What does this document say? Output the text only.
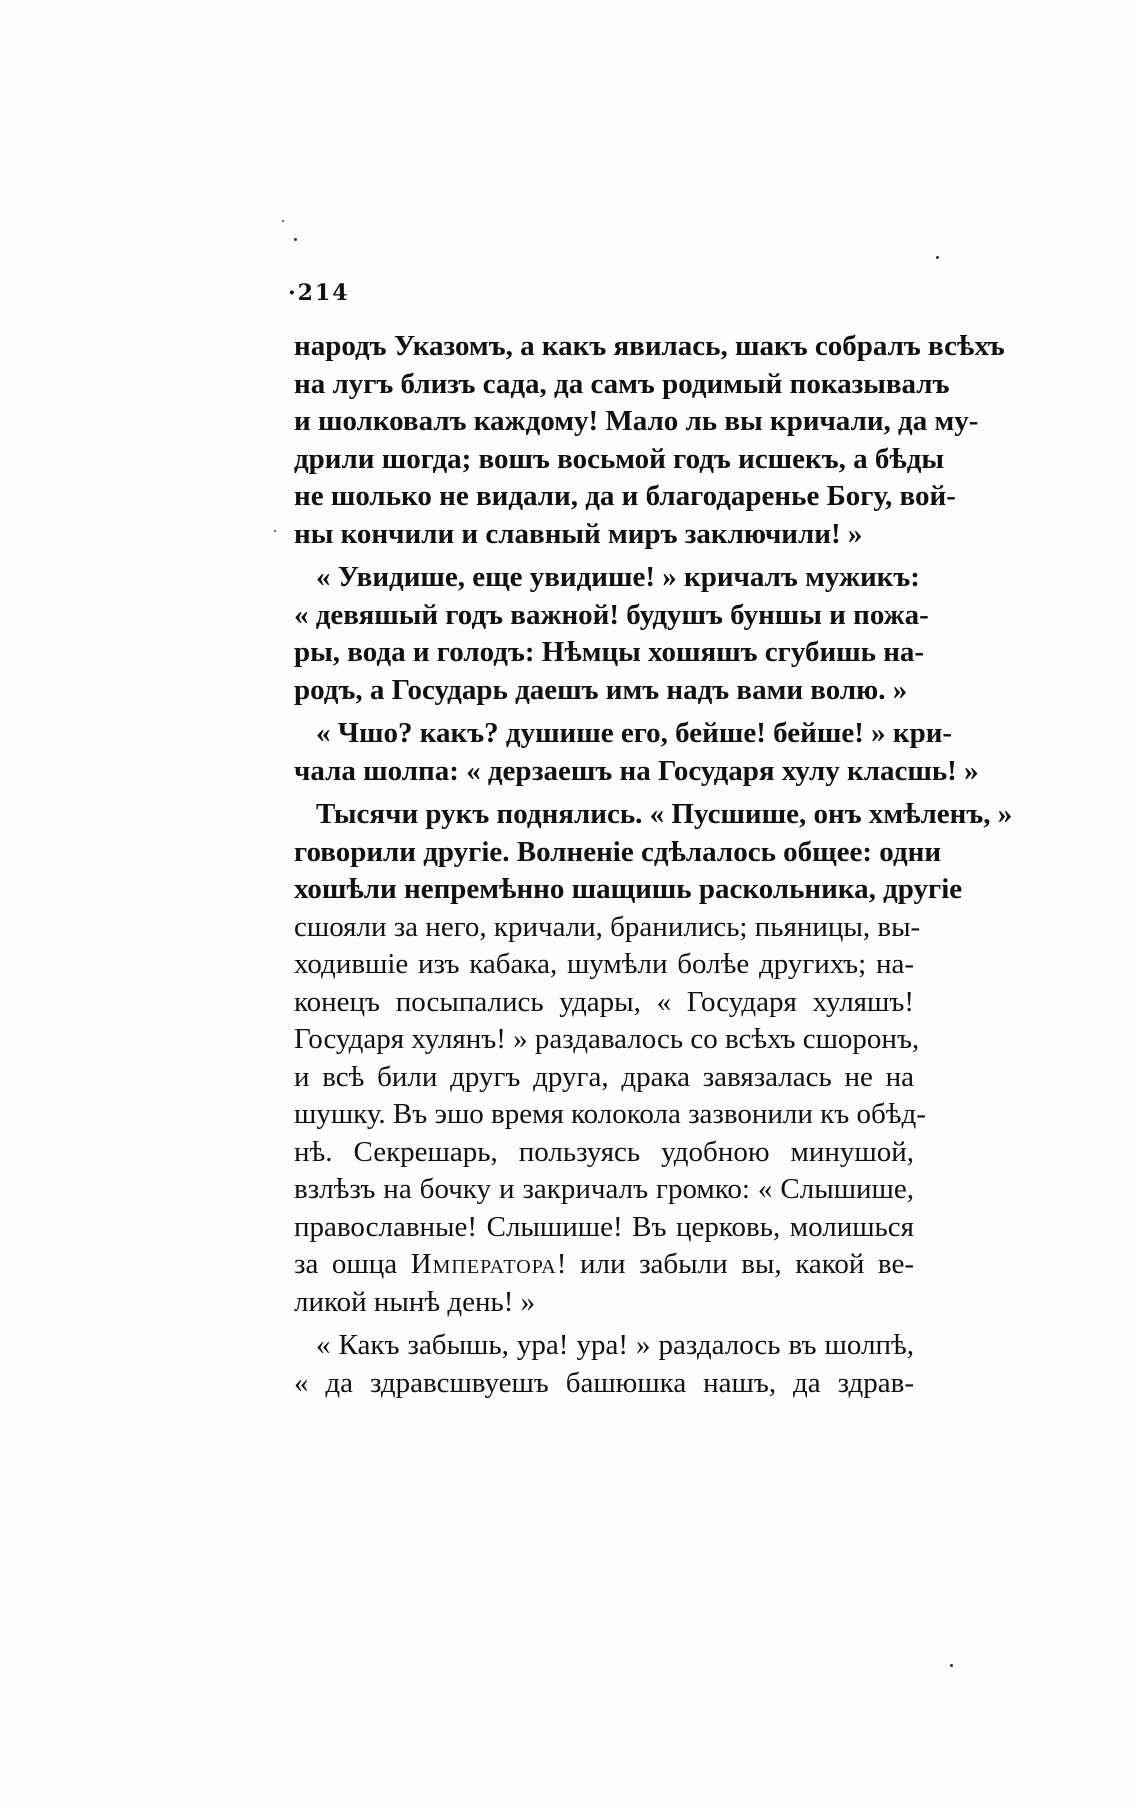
·214
народъ Указомъ, а какъ явилась, шакъ собралъ всѣхъ
на лугъ близъ сада, да самъ родимый показывалъ
и шолковалъ каждому! Мало ль вы кричали, да му-
дрили шогда; вошъ восьмой годъ исшекъ, а бѣды
не шолько не видали, да и благодаренье Богу, вой-
ны кончили и славный миръ заключили! »
« Увидише, еще увидише! » кричалъ мужикъ:
« девяшый годъ важной! будушъ буншы и пожа-
ры, вода и голодъ: Нѣмцы хошяшъ сгубишь на-
родъ, а Государь даешъ имъ надъ вами волю. »
« Чшо? какъ? душише его, бейше! бейше! » кри-
чала шолпа: « дерзаешъ на Государя хулу класшь! »
Тысячи рукъ поднялись. « Пусшише, онъ хмѣленъ, »
говорили другіе. Волненіе сдѣлалось общее: одни
хошѣли непремѣнно шащишь раскольника, другіе
сшояли за него, кричали, бранились; пьяницы, вы-
ходившіе изъ кабака, шумѣли болѣе другихъ; на-
конецъ посыпались удары, « Государя хуляшъ!
Государя хулянъ! » раздавалось со всѣхъ сшоронъ,
и всѣ били другъ друга, драка завязалась не на
шушку. Въ эшо время колокола зазвонили къ обѣд-
нѣ. Секрешарь, пользуясь удобною минушой,
взлѣзъ на бочку и закричалъ громко: « Слышише,
православные! Слышише! Въ церковь, молишься
за ошца Императора! или забыли вы, какой ве-
ликой нынѣ день! »
« Какъ забышь, ура! ура! » раздалось въ шолпѣ,
« да здравсшвуешъ башюшка нашъ, да здрав-
